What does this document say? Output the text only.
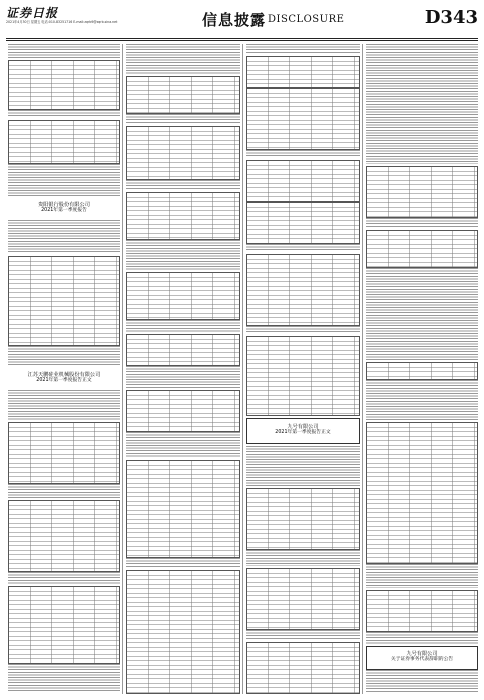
证券日报
2021年4月30日 星期五 电话:010-83251716 E-mail:zqrb9@zqrb.sina.net	信息披露 DISCLOSURE	D343
贵阳银行股份有限公司
2021年第一季度报告
江苏天鹏硅业机械股份有限公司
2021年第一季度报告正文
九号有限公司
2021年第一季度报告正文
九号有限公司
关于证券事务代表辞职的公告
